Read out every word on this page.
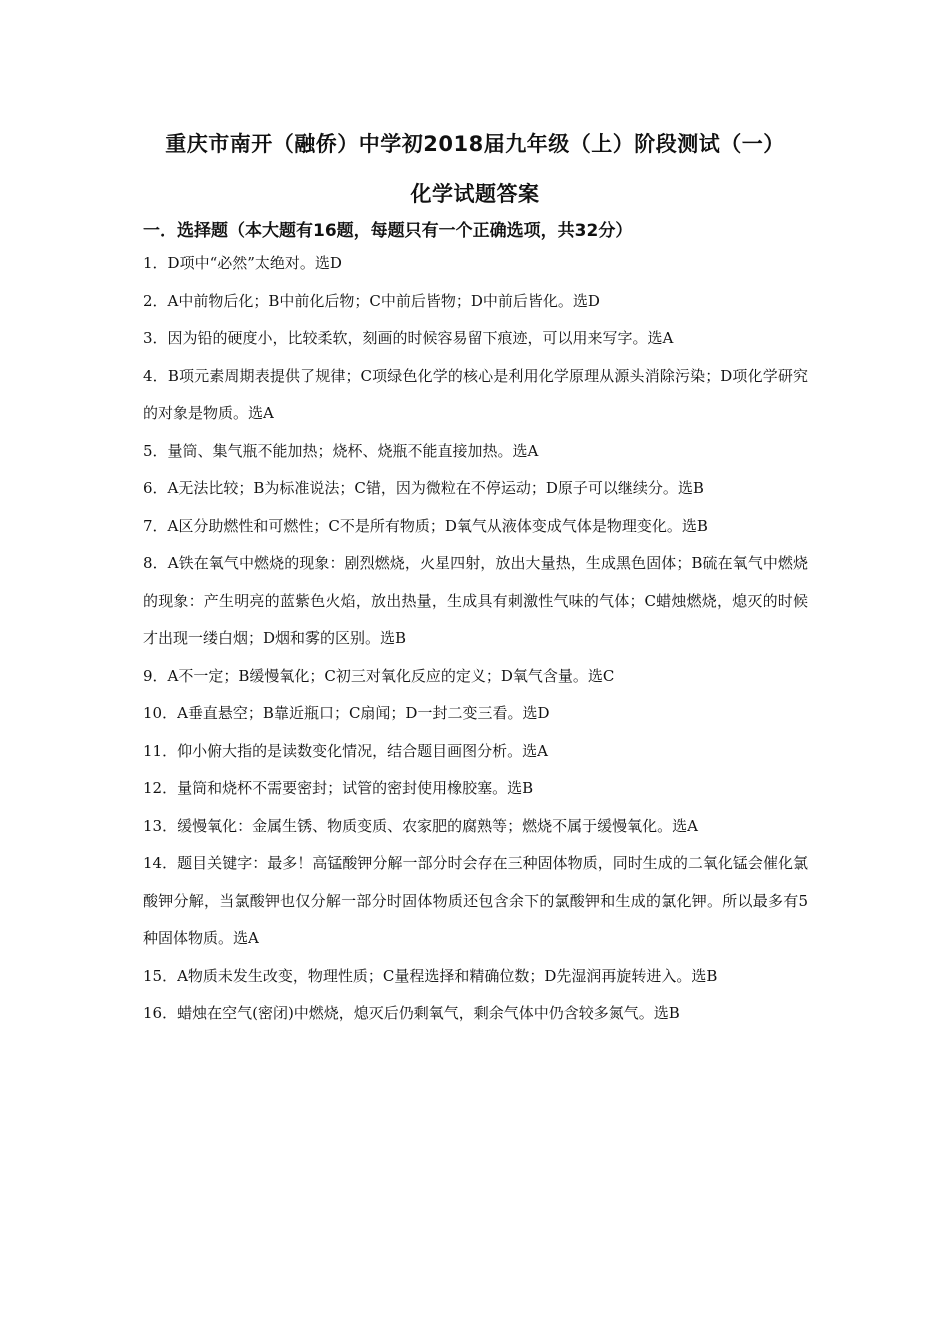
重庆市南开（融侨）中学初2018届九年级（上）阶段测试（一）
化学试题答案
一．选择题（本大题有16题，每题只有一个正确选项，共32分）
1．D项中“必然”太绝对。选D
2．A中前物后化；B中前化后物；C中前后皆物；D中前后皆化。选D
3．因为铅的硬度小，比较柔软，刻画的时候容易留下痕迹，可以用来写字。选A
4．B项元素周期表提供了规律；C项绿色化学的核心是利用化学原理从源头消除污染；D项化学研究的对象是物质。选A
5．量筒、集气瓶不能加热；烧杯、烧瓶不能直接加热。选A
6．A无法比较；B为标准说法；C错，因为微粒在不停运动；D原子可以继续分。选B
7．A区分助燃性和可燃性；C不是所有物质；D氧气从液体变成气体是物理变化。选B
8．A铁在氧气中燃烧的现象：剧烈燃烧，火星四射，放出大量热，生成黑色固体；B硫在氧气中燃烧的现象：产生明亮的蓝紫色火焰，放出热量，生成具有刺激性气味的气体；C蜡烛燃烧，熄灭的时候才出现一缕白烟；D烟和雾的区别。选B
9．A不一定；B缓慢氧化；C初三对氧化反应的定义；D氧气含量。选C
10．A垂直悬空；B靠近瓶口；C扇闻；D一封二变三看。选D
11．仰小俯大指的是读数变化情况，结合题目画图分析。选A
12．量筒和烧杯不需要密封；试管的密封使用橡胶塞。选B
13．缓慢氧化：金属生锈、物质变质、农家肥的腐熟等；燃烧不属于缓慢氧化。选A
14．题目关键字：最多！高锰酸钾分解一部分时会存在三种固体物质，同时生成的二氧化锰会催化氯酸钾分解，当氯酸钾也仅分解一部分时固体物质还包含余下的氯酸钾和生成的氯化钾。所以最多有5种固体物质。选A
15．A物质未发生改变，物理性质；C量程选择和精确位数；D先湿润再旋转进入。选B
16．蜡烛在空气(密闭)中燃烧，熄灭后仍剩氧气，剩余气体中仍含较多氮气。选B
